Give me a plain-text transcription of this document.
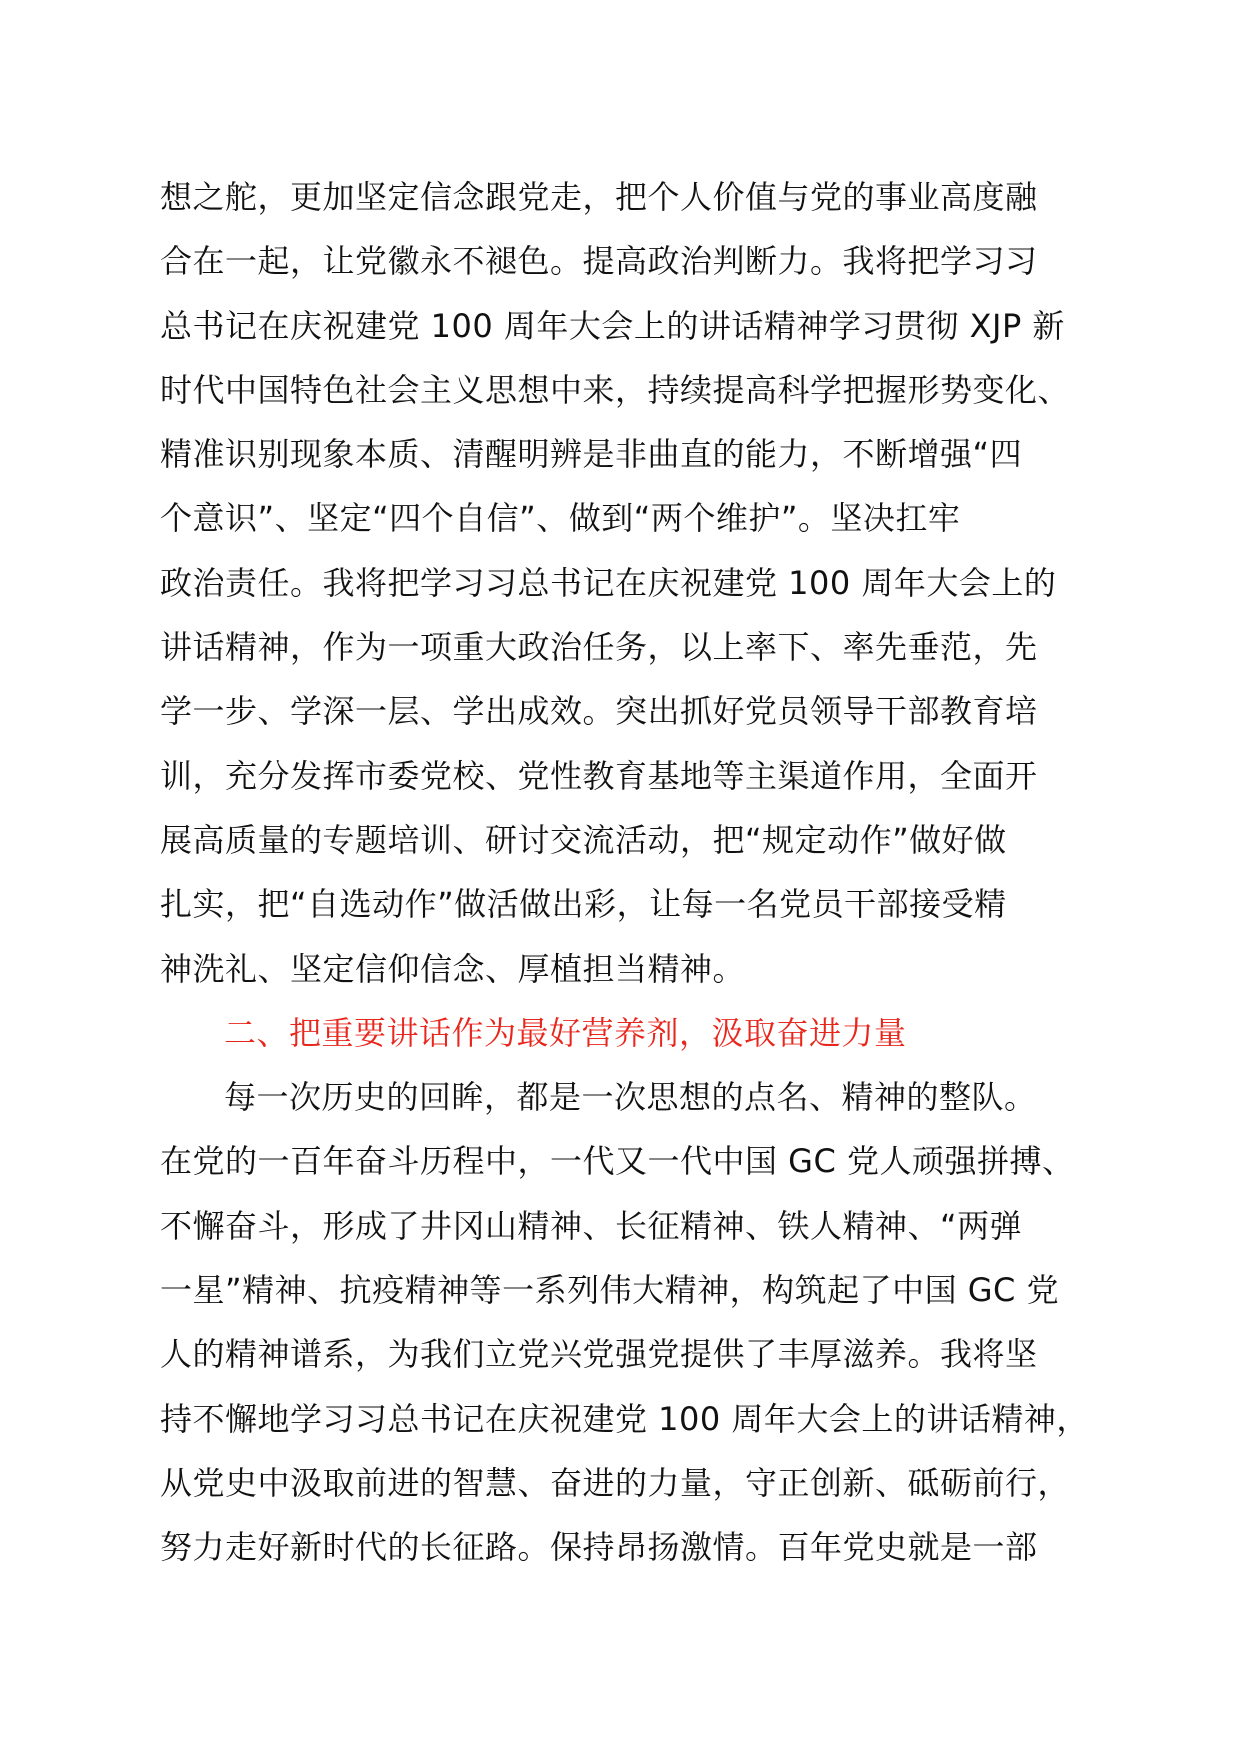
想之舵，更加坚定信念跟党走，把个人价值与党的事业高度融
合在一起，让党徽永不褪色。提高政治判断力。我将把学习习
总书记在庆祝建党 100 周年大会上的讲话精神学习贯彻 XJP 新
时代中国特色社会主义思想中来，持续提高科学把握形势变化、
精准识别现象本质、清醒明辨是非曲直的能力，不断增强“四
个意识”、坚定“四个自信”、做到“两个维护”。坚决扛牢
政治责任。我将把学习习总书记在庆祝建党 100 周年大会上的
讲话精神，作为一项重大政治任务，以上率下、率先垂范，先
学一步、学深一层、学出成效。突出抓好党员领导干部教育培
训，充分发挥市委党校、党性教育基地等主渠道作用，全面开
展高质量的专题培训、研讨交流活动，把“规定动作”做好做
扎实，把“自选动作”做活做出彩，让每一名党员干部接受精
神洗礼、坚定信仰信念、厚植担当精神。
二、把重要讲话作为最好营养剂，汲取奋进力量
每一次历史的回眸，都是一次思想的点名、精神的整队。
在党的一百年奋斗历程中，一代又一代中国 GC 党人顽强拼搏、
不懈奋斗，形成了井冈山精神、长征精神、铁人精神、“两弹
一星”精神、抗疫精神等一系列伟大精神，构筑起了中国 GC 党
人的精神谱系，为我们立党兴党强党提供了丰厚滋养。我将坚
持不懈地学习习总书记在庆祝建党 100 周年大会上的讲话精神，
从党史中汲取前进的智慧、奋进的力量，守正创新、砥砺前行，
努力走好新时代的长征路。保持昂扬激情。百年党史就是一部
